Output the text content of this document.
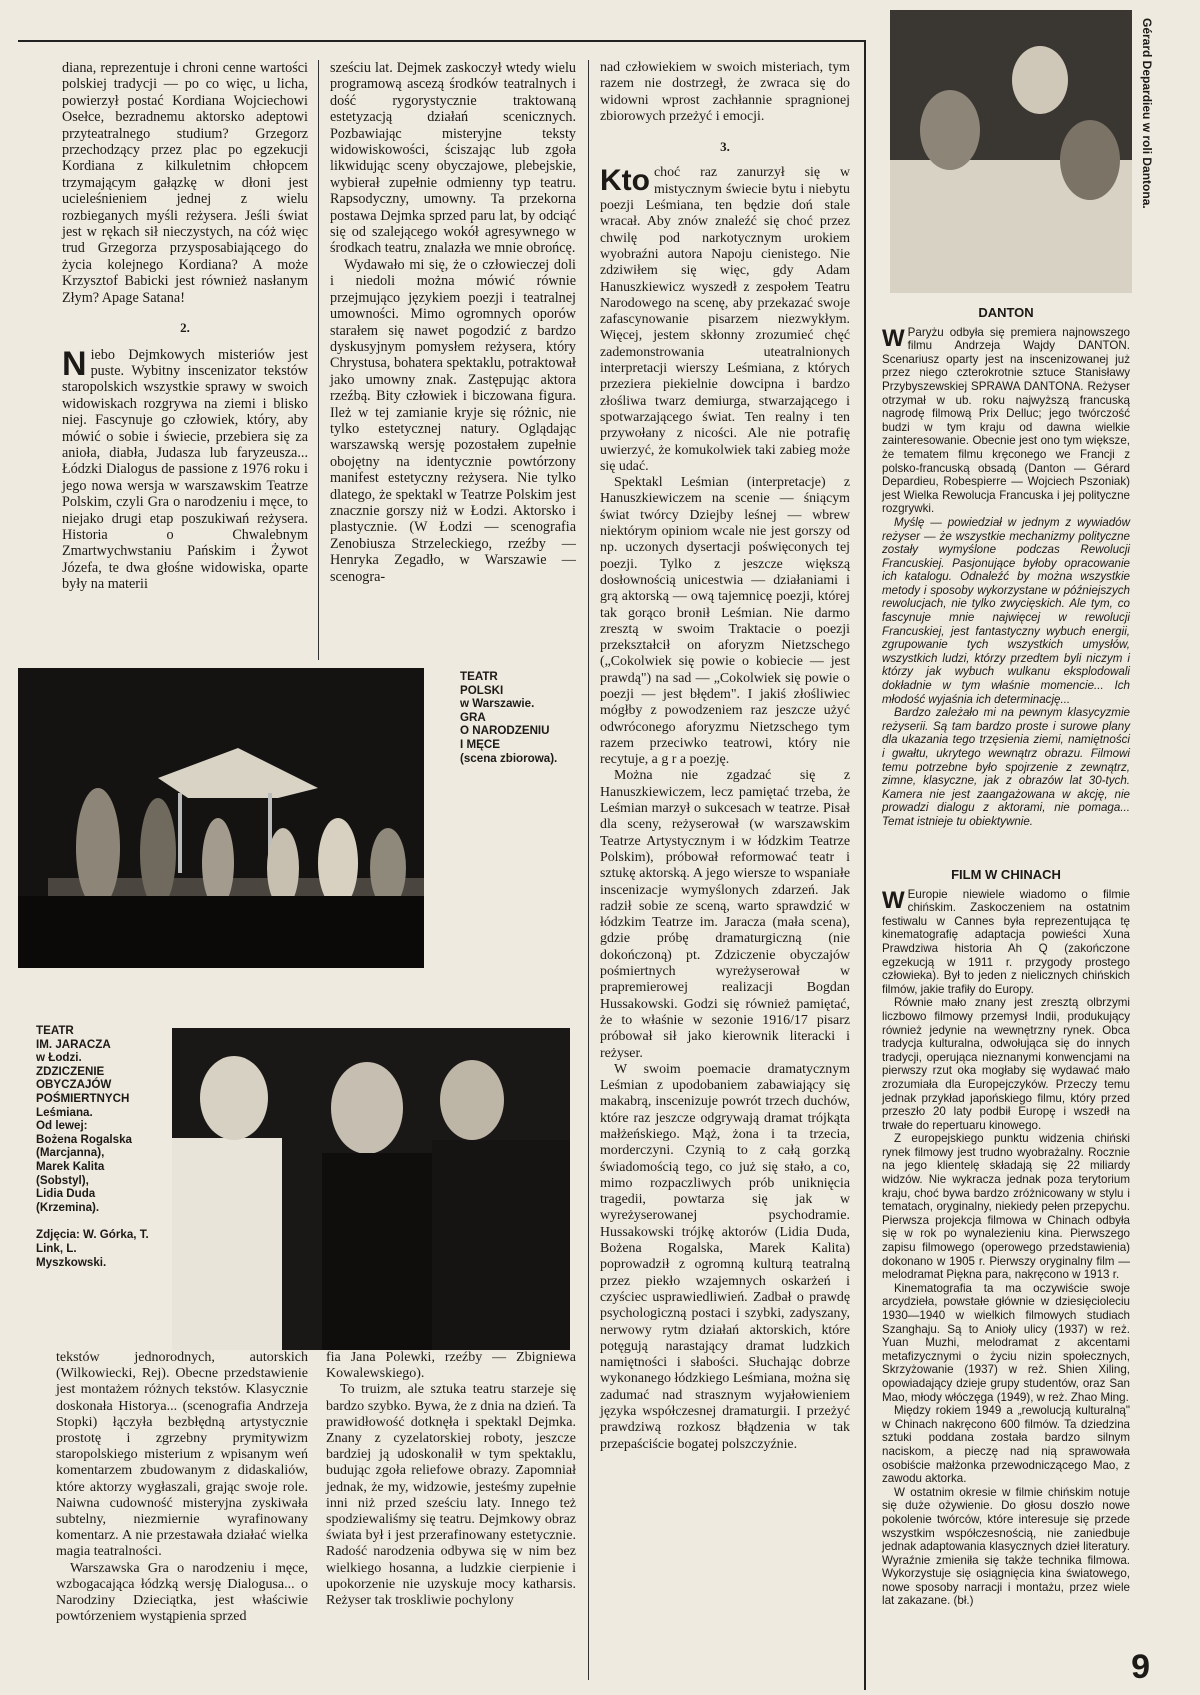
diana, reprezentuje i chroni cenne wartości polskiej tradycji — po co więc, u licha, powierzył postać Kordiana Wojciechowi Osełce, bezradnemu aktorsko adeptowi przyteatralnego studium? Grzegorz przechodzący przez plac po egzekucji Kordiana z kilkuletnim chłopcem trzymającym gałązkę w dłoni jest ucieleśnieniem jednej z wielu rozbieganych myśli reżysera. Jeśli świat jest w rękach sił nieczystych, na cóż więc trud Grzegorza przysposabiającego do życia kolejnego Kordiana? A może Krzysztof Babicki jest również nasłanym Złym? Apage Satana!

2.

Niebo Dejmkowych misteriów jest puste. Wybitny inscenizator tekstów staropolskich wszystkie sprawy w swoich widowiskach rozgrywa na ziemi i blisko niej. Fascynuje go człowiek, który, aby mówić o sobie i świecie, przebiera się za anioła, diabła, Judasza lub faryzeusza... Łódzki Dialogus de passione z 1976 roku i jego nowa wersja w warszawskim Teatrze Polskim, czyli Gra o narodzeniu i męce, to niejako drugi etap poszukiwań reżysera. Historia o Chwalebnym Zmartwychwstaniu Pańskim i Żywot Józefa, te dwa głośne widowiska, oparte były na materii

sześciu lat. Dejmek zaskoczył wtedy wielu programową ascezą środków teatralnych i dość rygorystycznie traktowaną estetyzacją działań scenicznych. Pozbawiając misteryjne teksty widowiskowości, ściszając lub zgoła likwidując sceny obyczajowe, plebejskie, wybierał zupełnie odmienny typ teatru. Rapsodyczny, umowny. Ta przekorna postawa Dejmka sprzed paru lat, by odciąć się od szalejącego wokół agresywnego w środkach teatru, znalazła we mnie obrońcę.

Wydawało mi się, że o człowieczej doli i niedoli można mówić równie przejmująco językiem poezji i teatralnej umowności. Mimo ogromnych oporów starałem się nawet pogodzić z bardzo dyskusyjnym pomysłem reżysera, który Chrystusa, bohatera spektaklu, potraktował jako umowny znak. Zastępując aktora rzeźbą. Bity człowiek i biczowana figura. Ileż w tej zamianie kryje się różnic, nie tylko estetycznej natury. Oglądając warszawską wersję pozostałem zupełnie obojętny na identycznie powtórzony manifest estetyczny reżysera. Nie tylko dlatego, że spektakl w Teatrze Polskim jest znacznie gorszy niż w Łodzi. Aktorsko i plastycznie. (W Łodzi — scenografia Zenobiusza Strzeleckiego, rzeźby — Henryka Zegadło, w Warszawie — scenogra-

nad człowiekiem w swoich misteriach, tym razem nie dostrzegł, że zwraca się do widowni wprost zachłannie spragnionej zbiorowych przeżyć i emocji.

3.

Kto choć raz zanurzył się w mistycznym świecie bytu i niebytu poezji Leśmiana, ten będzie doń stale wracał. Aby znów znaleźć się choć przez chwilę pod narkotycznym urokiem wyobraźni autora Napoju cienistego. Nie zdziwiłem się więc, gdy Adam Hanuszkiewicz wyszedł z zespołem Teatru Narodowego na scenę, aby przekazać swoje zafascynowanie pisarzem niezwykłym. Więcej, jestem skłonny zrozumieć chęć zademonstrowania uteatralnionych interpretacji wierszy Leśmiana, z których przeziera piekielnie dowcipna i bardzo złośliwa twarz demiurga, stwarzającego i spotwarzającego świat. Ten realny i ten przywołany z nicości. Ale nie potrafię uwierzyć, że komukolwiek taki zabieg może się udać.

Spektakl Leśmian (interpretacje) z Hanuszkiewiczem na scenie — śniącym świat twórcy Dziejby leśnej — wbrew niektórym opiniom wcale nie jest gorszy od np. uczonych dysertacji poświęconych tej poezji. Tylko z jeszcze większą dosłownością unicestwia — działaniami i grą aktorską — ową tajemnicę poezji, której tak gorąco bronił Leśmian. Nie darmo zresztą w swoim Traktacie o poezji przekształcił on aforyzm Nietzschego („Cokolwiek się powie o kobiecie — jest prawdą") na sad — „Cokolwiek się powie o poezji — jest błędem". I jakiś złośliwiec mógłby z powodzeniem raz jeszcze użyć odwróconego aforyzmu Nietzschego tym razem przeciwko teatrowi, który nie recytuje, a g r a poezję.

Można nie zgadzać się z Hanuszkiewiczem, lecz pamiętać trzeba, że Leśmian marzył o sukcesach w teatrze. Pisał dla sceny, reżyserował (w warszawskim Teatrze Artystycznym i w łódzkim Teatrze Polskim), próbował reformować teatr i sztukę aktorską. A jego wiersze to wspaniałe inscenizacje wymyślonych zdarzeń. Jak radził sobie ze sceną, warto sprawdzić w łódzkim Teatrze im. Jaracza (mała scena), gdzie próbę dramaturgiczną (nie dokończoną) pt. Zdziczenie obyczajów pośmiertnych wyreżyserował w prapremierowej realizacji Bogdan Hussakowski. Godzi się również pamiętać, że to właśnie w sezonie 1916/17 pisarz próbował sił jako kierownik literacki i reżyser.

W swoim poemacie dramatycznym Leśmian z upodobaniem zabawiający się makabrą, inscenizuje powrót trzech duchów, które raz jeszcze odgrywają dramat trójkąta małżeńskiego. Mąż, żona i ta trzecia, morderczyni. Czynią to z całą gorzką świadomością tego, co już się stało, a co, mimo rozpaczliwych prób uniknięcia tragedii, powtarza się jak w wyreżyserowanej psychodramie. Hussakowski trójkę aktorów (Lidia Duda, Bożena Rogalska, Marek Kalita) poprowadził z ogromną kulturą teatralną przez piekło wzajemnych oskarżeń i czyściec usprawiedliwień. Zadbał o prawdę psychologiczną postaci i szybki, zadyszany, nerwowy rytm działań aktorskich, które potęgują narastający dramat ludzkich namiętności i słabości. Słuchając dobrze wykonanego łódzkiego Leśmiana, można się zadumać nad strasznym wyjałowieniem języka współczesnej dramaturgii. I przeżyć prawdziwą rozkosz błądzenia w tak przepaściście bogatej polszczyźnie.

TEATR
POLSKI
w Warszawie.
GRA
O NARODZENIU
I MĘCE
(scena zbiorowa).
TEATR
IM. JARACZA
w Łodzi.
ZDZICZENIE
OBYCZAJÓW
POŚMIERTNYCH
Leśmiana.
Od lewej:
Bożena Rogalska
(Marcjanna),
Marek Kalita
(Sobstyl),
Lidia Duda
(Krzemina).
Zdjęcia: W. Górka, T. Link, L.
Myszkowski.

tekstów jednorodnych, autorskich (Wilkowiecki, Rej). Obecne przedstawienie jest montażem różnych tekstów. Klasycznie doskonała Historya... (scenografia Andrzeja Stopki) łączyła bezbłędną artystycznie prostotę i zgrzebny prymitywizm staropolskiego misterium z wpisanym weń komentarzem zbudowanym z didaskaliów, które aktorzy wygłaszali, grając swoje role. Naiwna cudowność misteryjna zyskiwała subtelny, niezmiernie wyrafinowany komentarz. A nie przestawała działać wielka magia teatralności.

Warszawska Gra o narodzeniu i męce, wzbogacająca łódzką wersję Dialogusa... o Narodziny Dzieciątka, jest właściwie powtórzeniem wystąpienia sprzed

fia Jana Polewki, rzeźby — Zbigniewa Kowalewskiego).

To truizm, ale sztuka teatru starzeje się bardzo szybko. Bywa, że z dnia na dzień. Ta prawidłowość dotknęła i spektakl Dejmka. Znany z cyzelatorskiej roboty, jeszcze bardziej ją udoskonalił w tym spektaklu, budując zgoła reliefowe obrazy. Zapomniał jednak, że my, widzowie, jesteśmy zupełnie inni niż przed sześciu laty. Innego też spodziewaliśmy się teatru. Dejmkowy obraz świata był i jest przerafinowany estetycznie. Radość narodzenia odbywa się w nim bez wielkiego hosanna, a ludzkie cierpienie i upokorzenie nie uzyskuje mocy katharsis. Reżyser tak troskliwie pochylony

Gérard Depardieu w roli Dantona.
DANTON

W Paryżu odbyła się premiera najnowszego filmu Andrzeja Wajdy DANTON. Scenariusz oparty jest na inscenizowanej już przez niego czterokrotnie sztuce Stanisławy Przybyszewskiej SPRAWA DANTONA. Reżyser otrzymał w ub. roku najwyższą francuską nagrodę filmową Prix Delluc; jego twórczość budzi w tym kraju od dawna wielkie zainteresowanie. Obecnie jest ono tym większe, że tematem filmu kręconego we Francji z polsko-francuską obsadą (Danton — Gérard Depardieu, Robespierre — Wojciech Pszoniak) jest Wielka Rewolucja Francuska i jej polityczne rozgrywki.

Myślę — powiedział w jednym z wywiadów reżyser — że wszystkie mechanizmy polityczne zostały wymyślone podczas Rewolucji Francuskiej. Pasjonujące byłoby opracowanie ich katalogu. Odnaleźć by można wszystkie metody i sposoby wykorzystane w późniejszych rewolucjach, nie tylko zwycięskich. Ale tym, co fascynuje mnie najwięcej w rewolucji Francuskiej, jest fantastyczny wybuch energii, zgrupowanie tych wszystkich umysłów, wszystkich ludzi, którzy przedtem byli niczym i którzy jak wybuch wulkanu eksplodowali dokładnie w tym właśnie momencie... Ich młodość wyjaśnia ich determinację...

Bardzo zależało mi na pewnym klasycyzmie reżyserii. Są tam bardzo proste i surowe plany dla ukazania tego trzęsienia ziemi, namiętności i gwałtu, ukrytego wewnątrz obrazu. Filmowi temu potrzebne było spojrzenie z zewnątrz, zimne, klasyczne, jak z obrazów lat 30-tych. Kamera nie jest zaangażowana w akcję, nie prowadzi dialogu z aktorami, nie pomaga... Temat istnieje tu obiektywnie.

FILM W CHINACH

W Europie niewiele wiadomo o filmie chińskim. Zaskoczeniem na ostatnim festiwalu w Cannes była reprezentująca tę kinematografię adaptacja powieści Xuna Prawdziwa historia Ah Q (zakończone egzekucją w 1911 r. przygody prostego człowieka). Był to jeden z nielicznych chińskich filmów, jakie trafiły do Europy.

Równie mało znany jest zresztą olbrzymi liczbowo filmowy przemysł Indii, produkujący również jedynie na wewnętrzny rynek. Obca tradycja kulturalna, odwołująca się do innych tradycji, operująca nieznanymi konwencjami na pierwszy rzut oka mogłaby się wydawać mało zrozumiała dla Europejczyków. Przeczy temu jednak przykład japońskiego filmu, który przed przeszło 20 laty podbił Europę i wszedł na trwałe do repertuaru kinowego.

Z europejskiego punktu widzenia chiński rynek filmowy jest trudno wyobrażalny. Rocznie na jego klientelę składają się 22 miliardy widzów. Nie wykracza jednak poza terytorium kraju, choć bywa bardzo zróżnicowany w stylu i tematach, oryginalny, niekiedy pełen przepychu. Pierwsza projekcja filmowa w Chinach odbyła się w rok po wynalezieniu kina. Pierwszego zapisu filmowego (operowego przedstawienia) dokonano w 1905 r. Pierwszy oryginalny film — melodramat Piękna para, nakręcono w 1913 r.

Kinematografia ta ma oczywiście swoje arcydzieła, powstałe głównie w dziesięcioleciu 1930—1940 w wielkich filmowych studiach Szanghaju. Są to Anioły ulicy (1937) w reż. Yuan Muzhi, melodramat z akcentami metafizycznymi o życiu nizin społecznych, Skrzyżowanie (1937) w reż. Shien Xiling, opowiadający dzieje grupy studentów, oraz San Mao, młody włóczęga (1949), w reż. Zhao Ming.

Między rokiem 1949 a „rewolucją kulturalną" w Chinach nakręcono 600 filmów. Ta dziedzina sztuki poddana została bardzo silnym naciskom, a pieczę nad nią sprawowała osobiście małżonka przewodniczącego Mao, z zawodu aktorka.

W ostatnim okresie w filmie chińskim notuje się duże ożywienie. Do głosu doszło nowe pokolenie twórców, które interesuje się przede wszystkim współczesnością, nie zaniedbuje jednak adaptowania klasycznych dzieł literatury. Wyraźnie zmieniła się także technika filmowa. Wykorzystuje się osiągnięcia kina światowego, nowe sposoby narracji i montażu, przez wiele lat zakazane. (bł.)

9
